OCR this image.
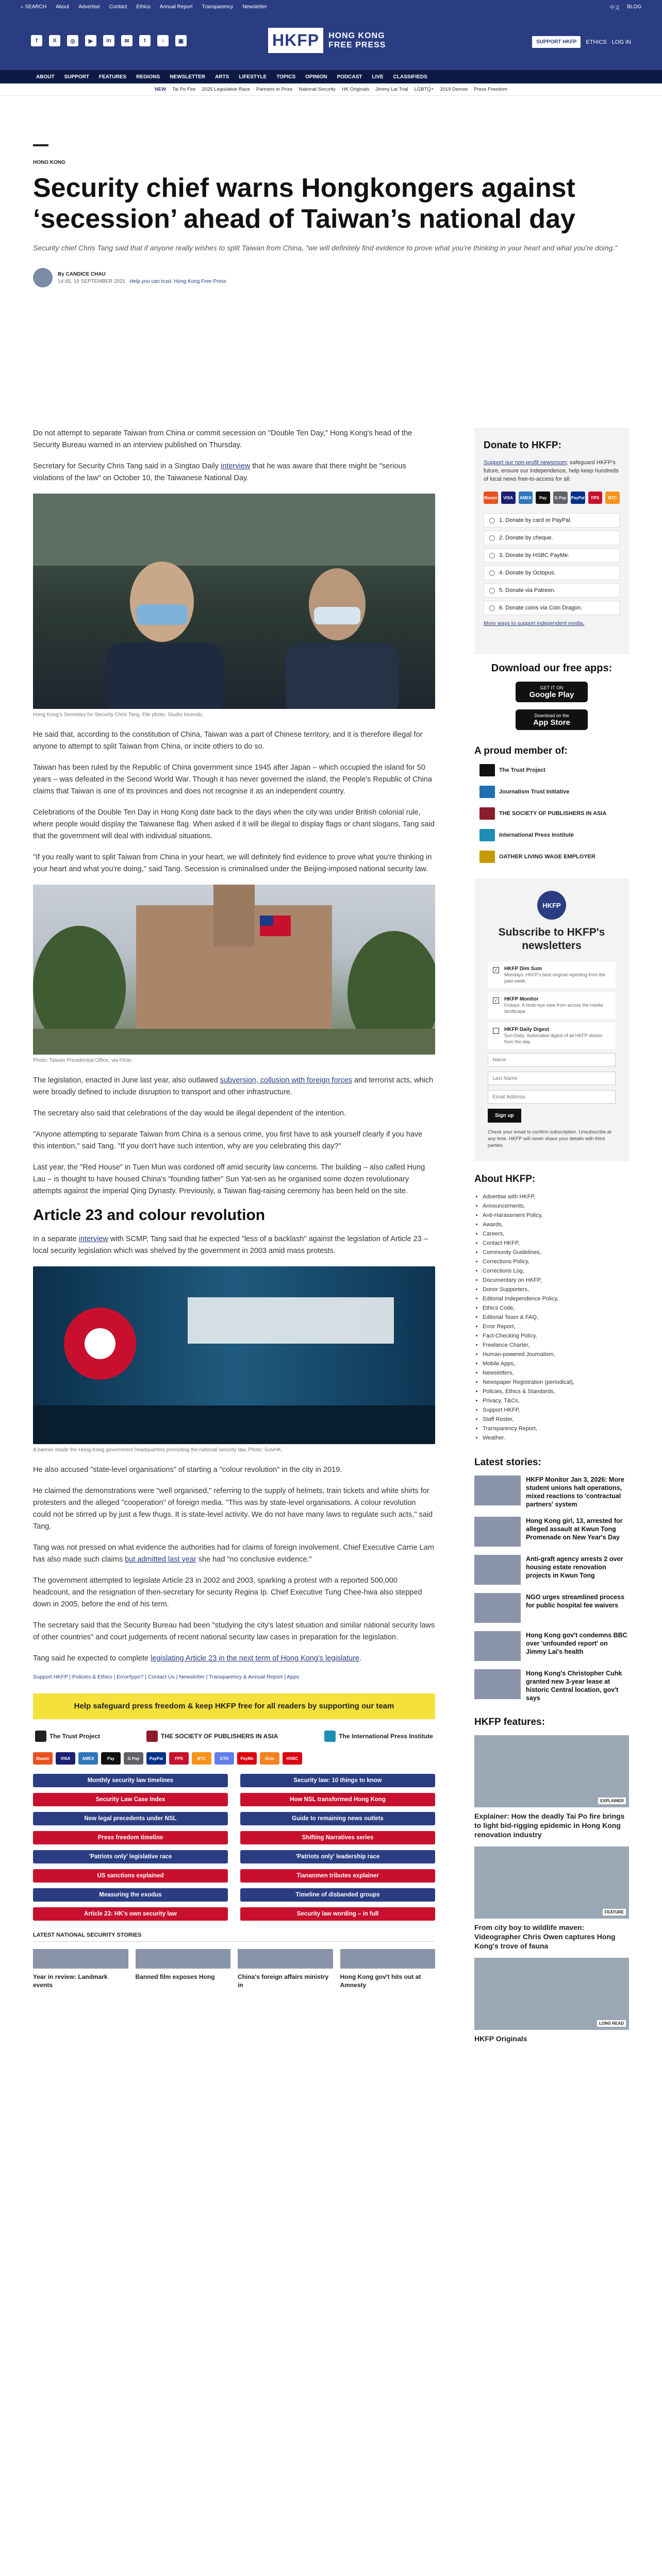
⌕ SEARCH About Advertise Contact Ethics Annual Report Transparency Newsletter	中文 BLOG
f	X	◎	▶	in	✉	t	♪	▣	HKFP	HONG KONG
FREE PRESS	SUPPORT HKFP	ETHICS LOG IN
ABOUT SUPPORT FEATURES REGIONS NEWSLETTER ARTS LIFESTYLE TOPICS OPINION PODCAST LIVE CLASSIFIEDS
NEW Tai Po Fire 2025 Legislative Race Partners in Prize National Security HK Originals Jimmy Lai Trial LGBTQ+ 2019 Demos Press Freedom
HONG KONG
Security chief warns Hongkongers against ‘secession’ ahead of Taiwan’s national day
Security chief Chris Tang said that if anyone really wishes to split Taiwan from China, "we will definitely find evidence to prove what you're thinking in your heart and what you're doing."
By CANDICE CHAU
14:45, 10 SEPTEMBER 2021 Help you can trust: Hong Kong Free Press

Do not attempt to separate Taiwan from China or commit secession on "Double Ten Day," Hong Kong's head of the Security Bureau warned in an interview published on Thursday.

Secretary for Security Chris Tang said in a Singtao Daily interview that he was aware that there might be "serious violations of the law" on October 10, the Taiwanese National Day.

Hong Kong's Secretary for Security Chris Tang. File photo: Studio Incendo.

He said that, according to the constitution of China, Taiwan was a part of Chinese territory, and it is therefore illegal for anyone to attempt to split Taiwan from China, or incite others to do so.

Taiwan has been ruled by the Republic of China government since 1945 after Japan – which occupied the island for 50 years – was defeated in the Second World War. Though it has never governed the island, the People's Republic of China claims that Taiwan is one of its provinces and does not recognise it as an independent country.

Celebrations of the Double Ten Day in Hong Kong date back to the days when the city was under British colonial rule, where people would display the Taiwanese flag. When asked if it will be illegal to display flags or chant slogans, Tang said that the government will deal with individual situations.

"If you really want to split Taiwan from China in your heart, we will definitely find evidence to prove what you're thinking in your heart and what you're doing," said Tang. Secession is criminalised under the Beijing-imposed national security law.

Photo: Taiwan Presidential Office, via Flickr.

The legislation, enacted in June last year, also outlawed subversion, collusion with foreign forces and terrorist acts, which were broadly defined to include disruption to transport and other infrastructure.

The secretary also said that celebrations of the day would be illegal dependent of the intention.

"Anyone attempting to separate Taiwan from China is a serious crime, you first have to ask yourself clearly if you have this intention," said Tang. "If you don't have such intention, why are you celebrating this day?"

Last year, the "Red House" in Tuen Mun was cordoned off amid security law concerns. The building – also called Hung Lau – is thought to have housed China's "founding father" Sun Yat-sen as he organised some dozen revolutionary attempts against the imperial Qing Dynasty. Previously, a Taiwan flag-raising ceremony has been held on the site.

Article 23 and colour revolution

In a separate interview with SCMP, Tang said that he expected "less of a backlash" against the legislation of Article 23 – local security legislation which was shelved by the government in 2003 amid mass protests.

A banner inside the Hong Kong government headquarters promoting the national security law. Photo: GovHK.

He also accused "state-level organisations" of starting a "colour revolution" in the city in 2019.

He claimed the demonstrations were "well organised," referring to the supply of helmets, train tickets and white shirts for protesters and the alleged "cooperation" of foreign media. "This was by state-level organisations. A colour revolution could not be stirred up by just a few thugs. It is state-level activity. We do not have many laws to regulate such acts," said Tang.

Tang was not pressed on what evidence the authorities had for claims of foreign involvement. Chief Executive Carrie Lam has also made such claims but admitted last year she had "no conclusive evidence."

The government attempted to legislate Article 23 in 2002 and 2003, sparking a protest with a reported 500,000 headcount, and the resignation of then-secretary for security Regina Ip. Chief Executive Tung Chee-hwa also stepped down in 2005, before the end of his term.

The secretary said that the Security Bureau had been "studying the city's latest situation and similar national security laws of other countries" and court judgements of recent national security law cases in preparation for the legislation.

Tang said he expected to complete legislating Article 23 in the next term of Hong Kong's legislature.

Support HKFP | Policies & Ethics | Error/typo? | Contact Us | Newsletter | Transparency & Annual Report | Apps
Help safeguard press freedom & keep HKFP free for all readers by supporting our team
The Trust Project	THE SOCIETY OF PUBLISHERS IN ASIA	The International Press Institute
Master	VISA	AMEX	Pay	G Pay	PayPal	FPS	BTC	ETH	PayMe	Octo	HSBC
Monthly security law timelines	Security law: 10 things to know
Security Law Case Index	How NSL transformed Hong Kong
New legal precedents under NSL	Guide to remaining news outlets
Press freedom timeline	Shifting Narratives series
'Patriots only' legislative race	'Patriots only' leadership race
US sanctions explained	Tiananmen tributes explainer
Measuring the exodus	Timeline of disbanded groups
Article 23: HK's own security law	Security law wording – in full
LATEST NATIONAL SECURITY STORIES
Year in review: Landmark events
Banned film exposes Hong	China's foreign affairs ministry in
Hong Kong gov't hits out at Amnesty
Donate to HKFP:
Support our non-profit newsroom; safeguard HKFP's future, ensure our independence, help keep hundreds of local news free-to-access for all.
Master	VISA	AMEX	Pay	G Pay	PayPal	FPS	BTC
1. Donate by card or PayPal.
2. Donate by cheque.
3. Donate by HSBC PayMe.
4. Donate by Octopus.
5. Donate via Patreon.
6. Donate coins via Coin Dragon.
More ways to support independent media.
Download our free apps:
GET IT ON
Google Play
Download on the
App Store
A proud member of:
The Trust Project
Journalism Trust Initiative
THE SOCIETY OF PUBLISHERS IN ASIA
International Press Institute
OATHER LIVING WAGE EMPLOYER
HKFP
Subscribe to HKFP's newsletters
✓ HKFP Dim Sum
Mondays: HKFP's best original reporting from the past week.
✓ HKFP Monitor
Fridays: A birds-eye view from across the media landscape.
HKFP Daily Digest
Sun-Daily: Automated digest of all HKFP stories from the day.
Name Last Name Email Address Sign up
Check your email to confirm subscription. Unsubscribe at any time. HKFP will never share your details with third parties.
About HKFP:
• Advertise with HKFP,
• Announcements,
• Anti-Harassment Policy,
• Awards,
• Careers,
• Contact HKFP,
• Community Guidelines,
• Corrections Policy,
• Corrections Log,
• Documentary on HKFP,
• Donor Supporters,
• Editorial Independence Policy,
• Ethics Code,
• Editorial Team & FAQ,
• Error Report,
• Fact-Checking Policy,
• Freelance Charter,
• Human-powered Journalism,
• Mobile Apps,
• Newsletters,
• Newspaper Registration (periodical),
• Policies, Ethics & Standards,
• Privacy, T&Cs,
• Support HKFP,
• Staff Roster,
• Transparency Report,
• Weather.
Latest stories:
HKFP Monitor Jan 3, 2026: More student unions halt operations, mixed reactions to 'contractual partners' system
Hong Kong girl, 13, arrested for alleged assault at Kwun Tong Promenade on New Year's Day
Anti-graft agency arrests 2 over housing estate renovation projects in Kwun Tong
NGO urges streamlined process for public hospital fee waivers
Hong Kong gov't condemns BBC over 'unfounded report' on Jimmy Lai's health
Hong Kong's Christopher Cuhk granted new 3-year lease at historic Central location, gov't says
HKFP features:
EXPLAINER
Explainer: How the deadly Tai Po fire brings to light bid-rigging epidemic in Hong Kong renovation industry
FEATURE
From city boy to wildlife maven: Videographer Chris Owen captures Hong Kong's trove of fauna
LONG READ
HKFP Originals
